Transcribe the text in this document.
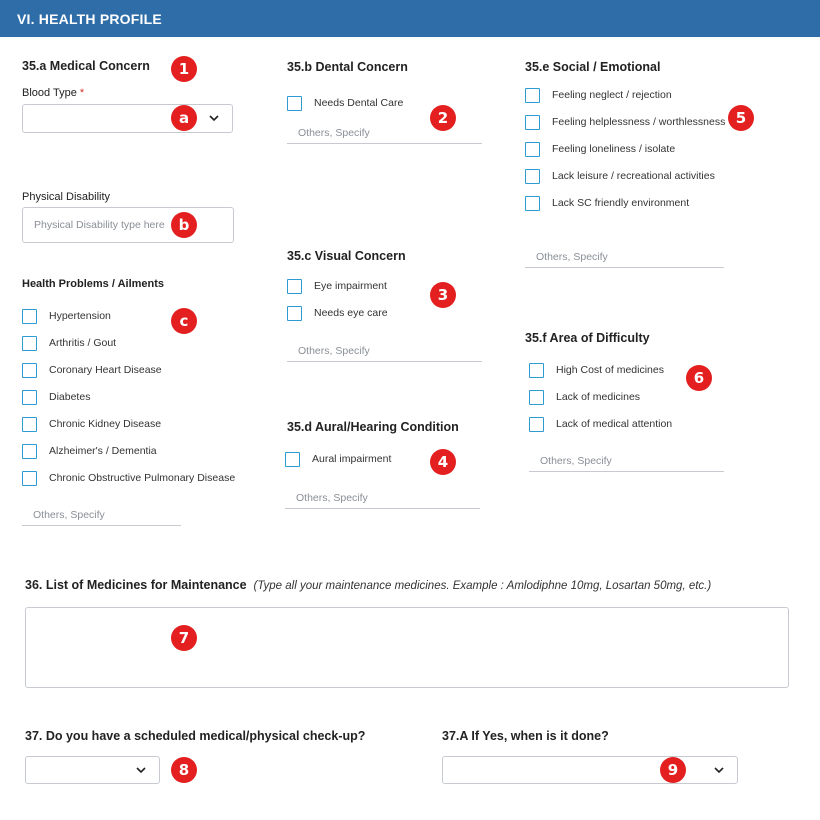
VI. HEALTH PROFILE
35.a Medical Concern
Blood Type *
Physical Disability
Physical Disability type here
Health Problems / Ailments
Hypertension
Arthritis / Gout
Coronary Heart Disease
Diabetes
Chronic Kidney Disease
Alzheimer's / Dementia
Chronic Obstructive Pulmonary Disease
Others, Specify
35.b Dental Concern
Needs Dental Care
Others, Specify
35.c Visual Concern
Eye impairment
Needs eye care
Others, Specify
35.d Aural/Hearing Condition
Aural impairment
Others, Specify
35.e Social / Emotional
Feeling neglect / rejection
Feeling helplessness / worthlessness
Feeling loneliness / isolate
Lack leisure / recreational activities
Lack SC friendly environment
Others, Specify
35.f Area of Difficulty
High Cost of medicines
Lack of medicines
Lack of medical attention
Others, Specify
36. List of Medicines for Maintenance (Type all your maintenance medicines. Example : Amlodiphne 10mg, Losartan 50mg, etc.)
37. Do you have a scheduled medical/physical check-up?	37.A If Yes, when is it done?
1
a
b
c
2
3
4
5
6
7
8	9
